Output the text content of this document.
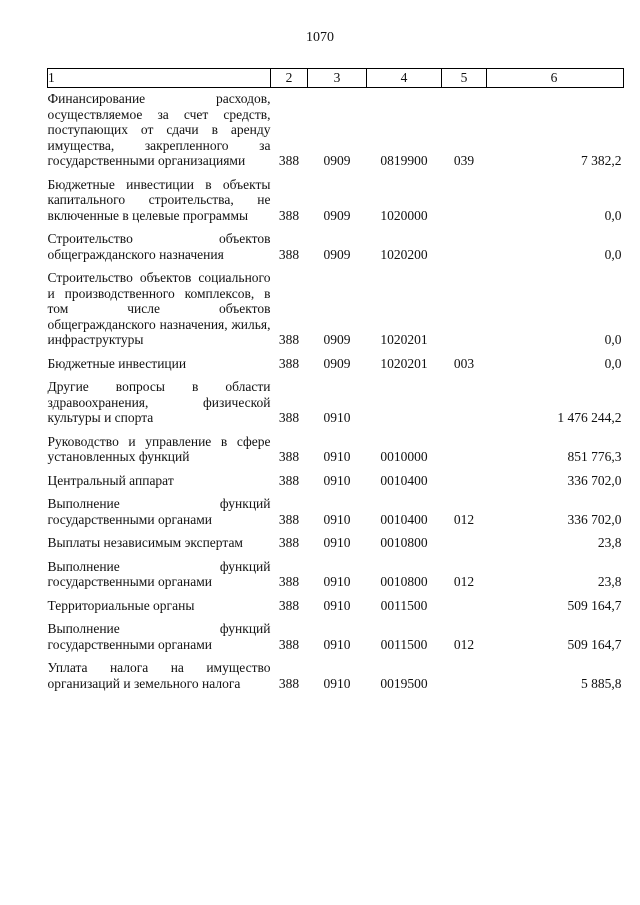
1070
1	2	3	4	5	6

Финансирование расходов, осуществляемое за счет средств, поступающих от сдачи в аренду имущества, закрепленного за государственными организациями	388	0909	0819900	039	7 382,2

Бюджетные инвестиции в объекты капитального строительства, не включенные в целевые программы	388	0909	1020000		0,0

Строительство объектов общегражданского назначения	388	0909	1020200		0,0

Строительство объектов социального и производственного комплексов, в том числе объектов общегражданского назначения, жилья, инфраструктуры	388	0909	1020201		0,0

Бюджетные инвестиции	388	0909	1020201	003	0,0

Другие вопросы в области здравоохранения, физической культуры и спорта	388	0910			1 476 244,2

Руководство и управление в сфере установленных функций	388	0910	0010000		851 776,3

Центральный аппарат	388	0910	0010400		336 702,0

Выполнение функций государственными органами	388	0910	0010400	012	336 702,0

Выплаты независимым экспертам	388	0910	0010800		23,8

Выполнение функций государственными органами	388	0910	0010800	012	23,8

Территориальные органы	388	0910	0011500		509 164,7

Выполнение функций государственными органами	388	0910	0011500	012	509 164,7

Уплата налога на имущество организаций и земельного налога	388	0910	0019500		5 885,8
